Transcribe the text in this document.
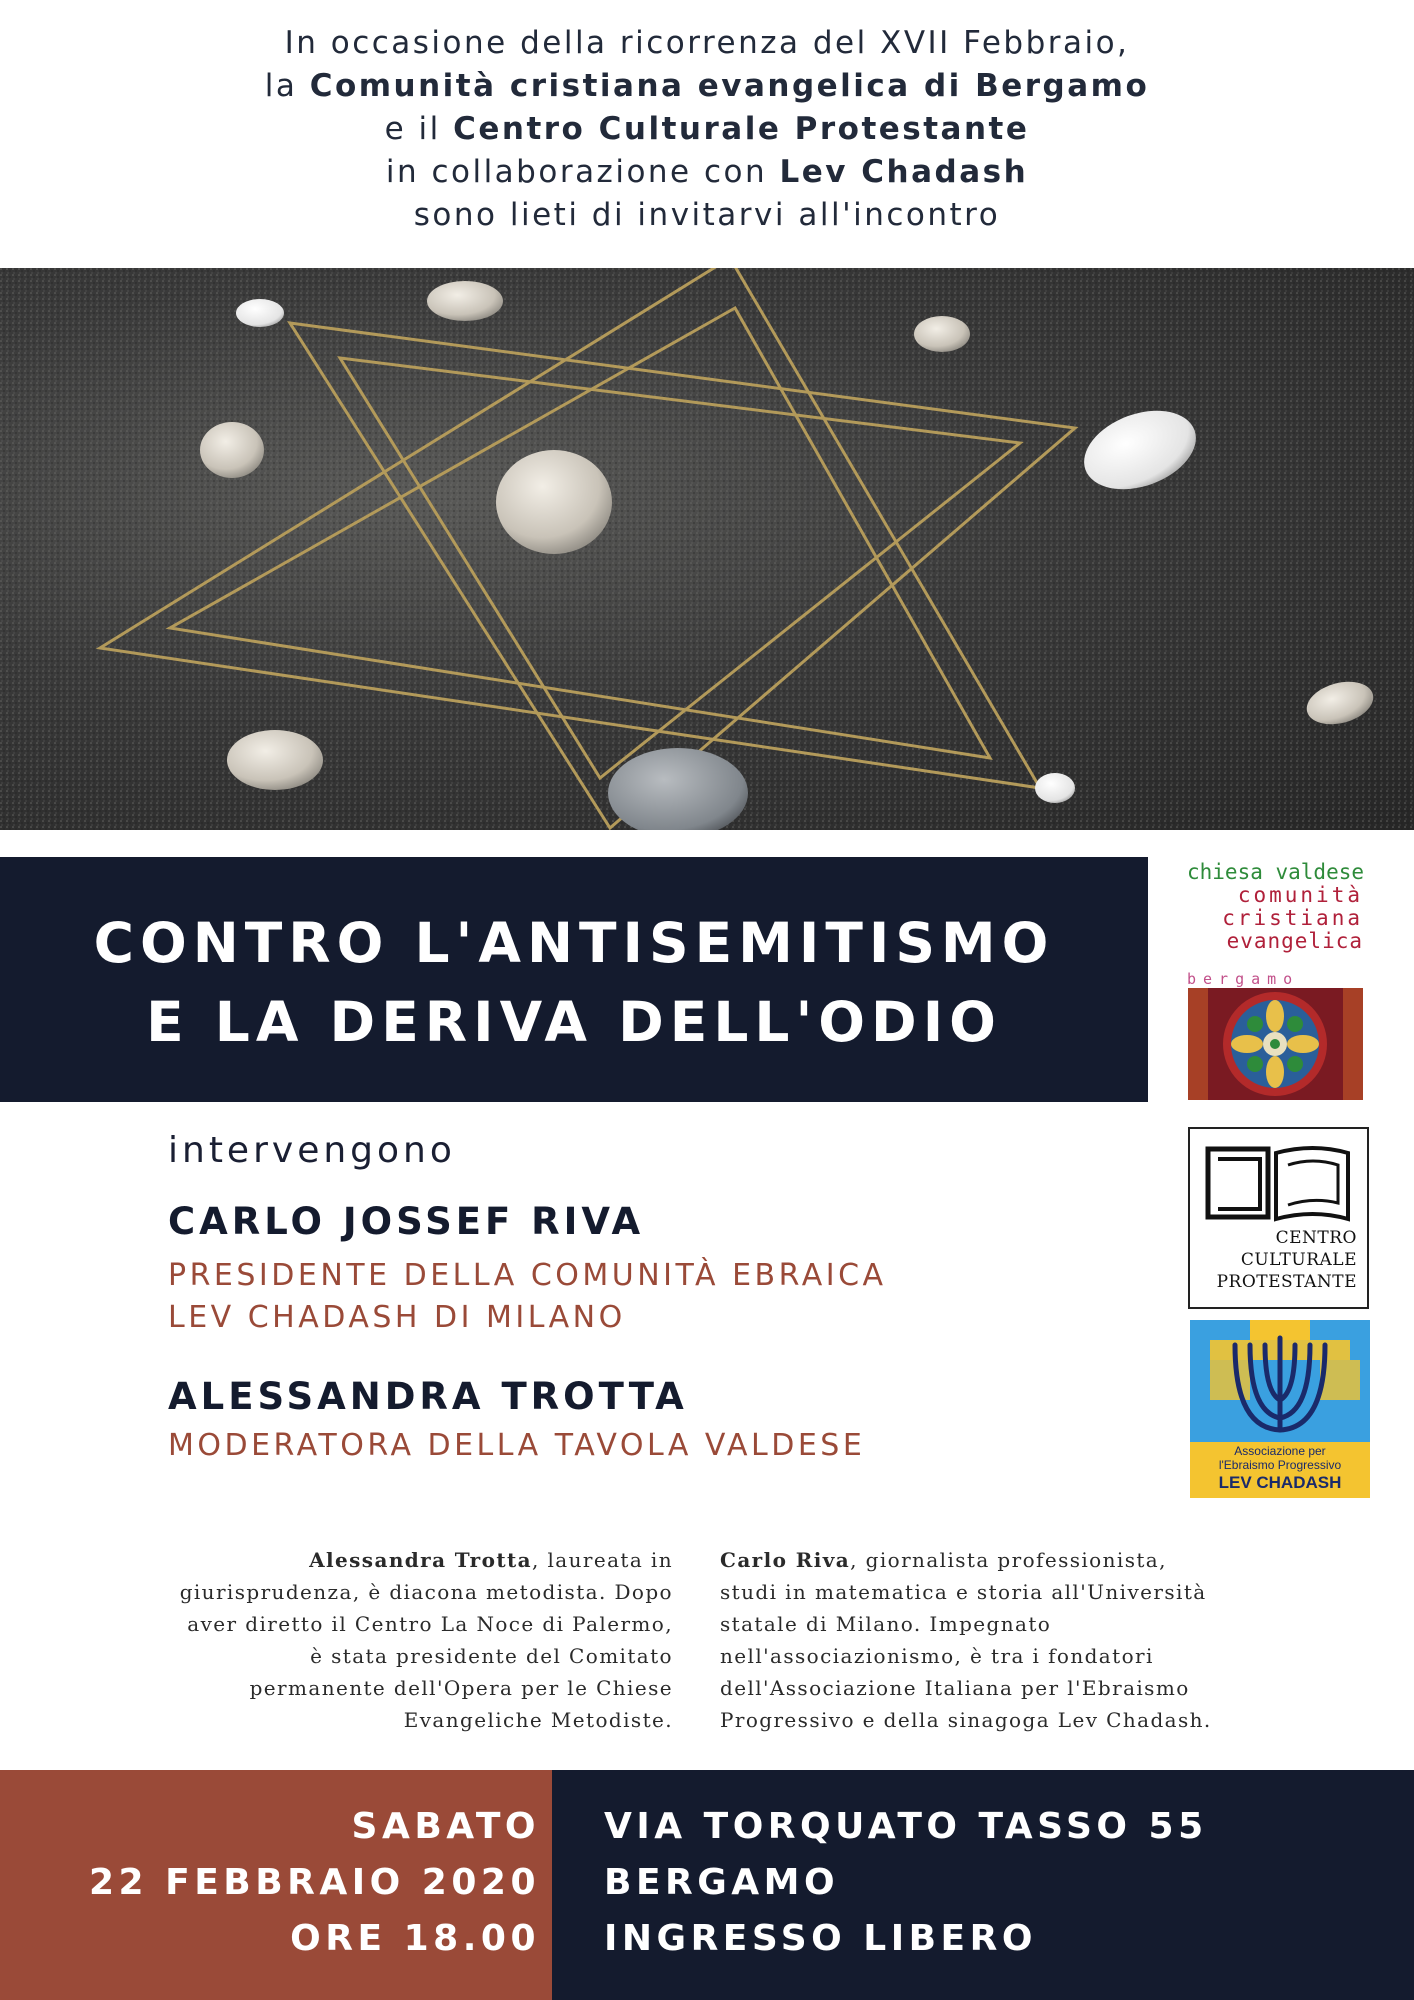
In occasione della ricorrenza del XVII Febbraio,
la Comunità cristiana evangelica di Bergamo
e il Centro Culturale Protestante
in collaborazione con Lev Chadash
sono lieti di invitarvi all'incontro
CONTRO L'ANTISEMITISMO
E LA DERIVA DELL'ODIO
chiesa valdese
comunità
cristiana
evangelica
bergamo
CENTRO
CULTURALE
PROTESTANTE
Associazione per
l'Ebraismo Progressivo
LEV CHADASH
intervengono
CARLO JOSSEF RIVA
PRESIDENTE DELLA COMUNITÀ EBRAICA
LEV CHADASH DI MILANO
ALESSANDRA TROTTA
MODERATORA DELLA TAVOLA VALDESE
Alessandra Trotta, laureata in
giurisprudenza, è diacona metodista. Dopo
aver diretto il Centro La Noce di Palermo,
è stata presidente del Comitato
permanente dell'Opera per le Chiese
Evangeliche Metodiste.
Carlo Riva, giornalista professionista,
studi in matematica e storia all'Università
statale di Milano. Impegnato
nell'associazionismo, è tra i fondatori
dell'Associazione Italiana per l'Ebraismo
Progressivo e della sinagoga Lev Chadash.
SABATO
22 FEBBRAIO 2020
ORE 18.00
VIA TORQUATO TASSO 55
BERGAMO
INGRESSO LIBERO
